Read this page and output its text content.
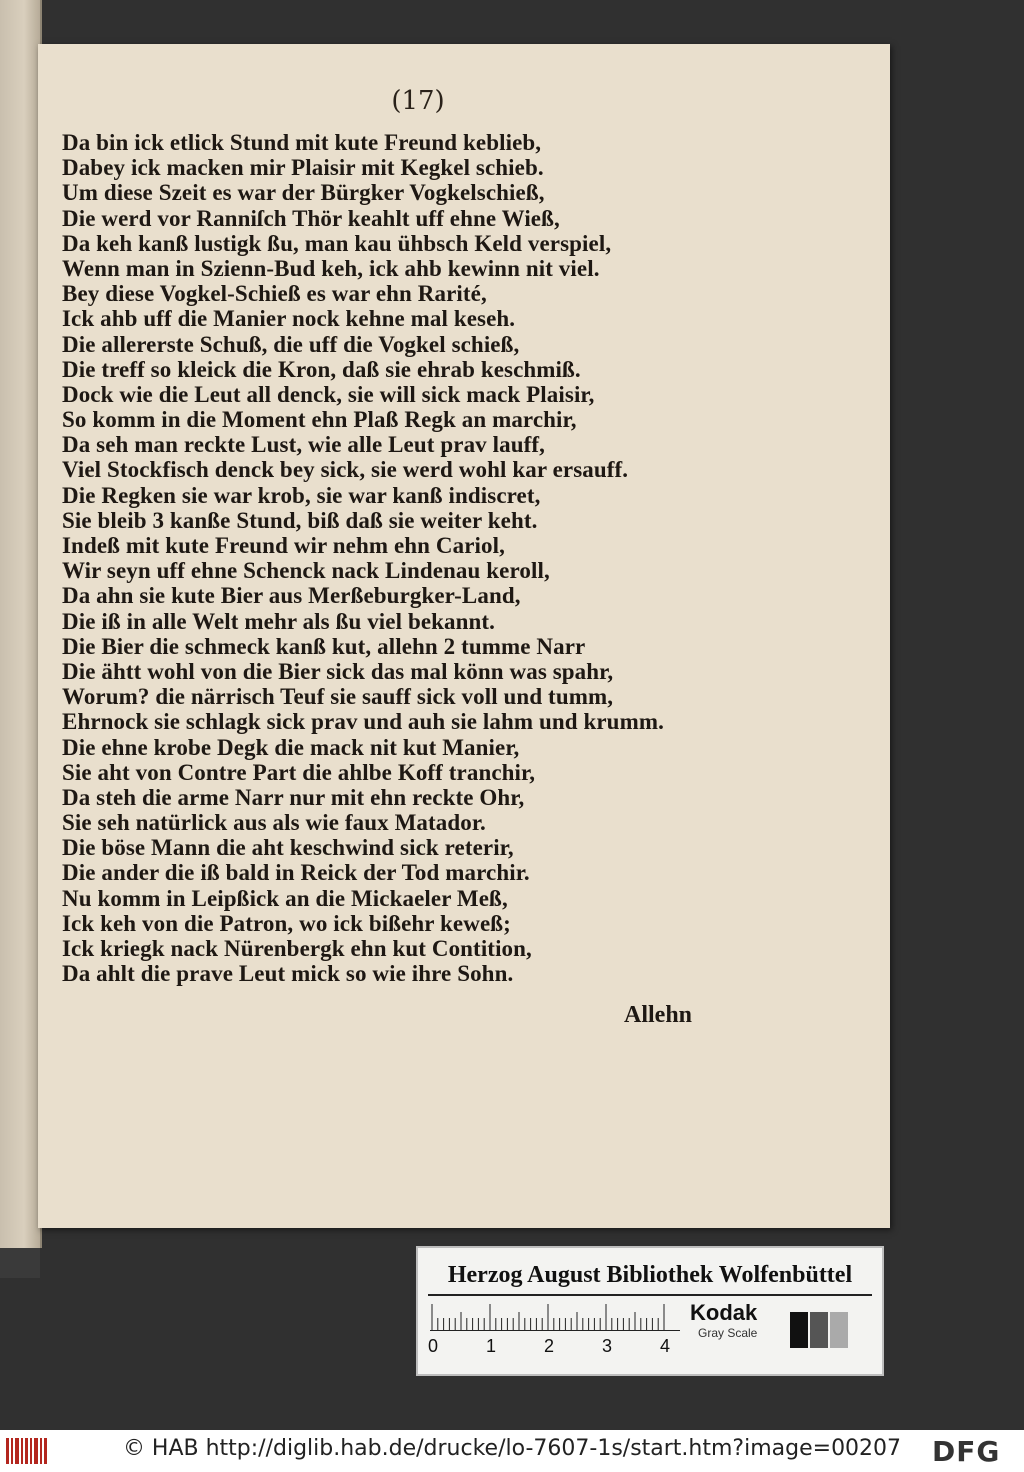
(17)
Da bin ick etlick Stund mit kute Freund keblieb,
Dabey ick macken mir Plaisir mit Kegkel schieb.
Um diese Szeit es war der Bürgker Vogkelschieß,
Die werd vor Ranniſch Thör keahlt uff ehne Wieß,
Da keh kanß lustigk ßu, man kau ühbsch Keld verspiel,
Wenn man in Szienn-Bud keh, ick ahb kewinn nit viel.
Bey diese Vogkel-Schieß es war ehn Rarité,
Ick ahb uff die Manier nock kehne mal keseh.
Die allererste Schuß, die uff die Vogkel schieß,
Die treff so kleick die Kron, daß sie ehrab keschmiß.
Dock wie die Leut all denck, sie will sick mack Plaisir,
So komm in die Moment ehn Plaß Regk an marchir,
Da seh man reckte Lust, wie alle Leut prav lauff,
Viel Stockfisch denck bey sick, sie werd wohl kar ersauff.
Die Regken sie war krob, sie war kanß indiscret,
Sie bleib 3 kanße Stund, biß daß sie weiter keht.
Indeß mit kute Freund wir nehm ehn Cariol,
Wir seyn uff ehne Schenck nack Lindenau keroll,
Da ahn sie kute Bier aus Merßeburgker-Land,
Die iß in alle Welt mehr als ßu viel bekannt.
Die Bier die schmeck kanß kut, allehn 2 tumme Narr
Die ähtt wohl von die Bier sick das mal könn was spahr,
Worum? die närrisch Teuf sie sauff sick voll und tumm,
Ehrnock sie schlagk sick prav und auh sie lahm und krumm.
Die ehne krobe Degk die mack nit kut Manier,
Sie aht von Contre Part die ahlbe Koff tranchir,
Da steh die arme Narr nur mit ehn reckte Ohr,
Sie seh natürlick aus als wie faux Matador.
Die böse Mann die aht keschwind sick reterir,
Die ander die iß bald in Reick der Tod marchir.
Nu komm in Leipßick an die Mickaeler Meß,
Ick keh von die Patron, wo ick bißehr keweß;
Ick kriegk nack Nürenbergk ehn kut Contition,
Da ahlt die prave Leut mick so wie ihre Sohn.
Allehn
Herzog August Bibliothek Wolfenbüttel
0	1	2	3	4
Kodak
Gray Scale
© HAB http://diglib.hab.de/drucke/lo-7607-1s/start.htm?image=00207	DFG
